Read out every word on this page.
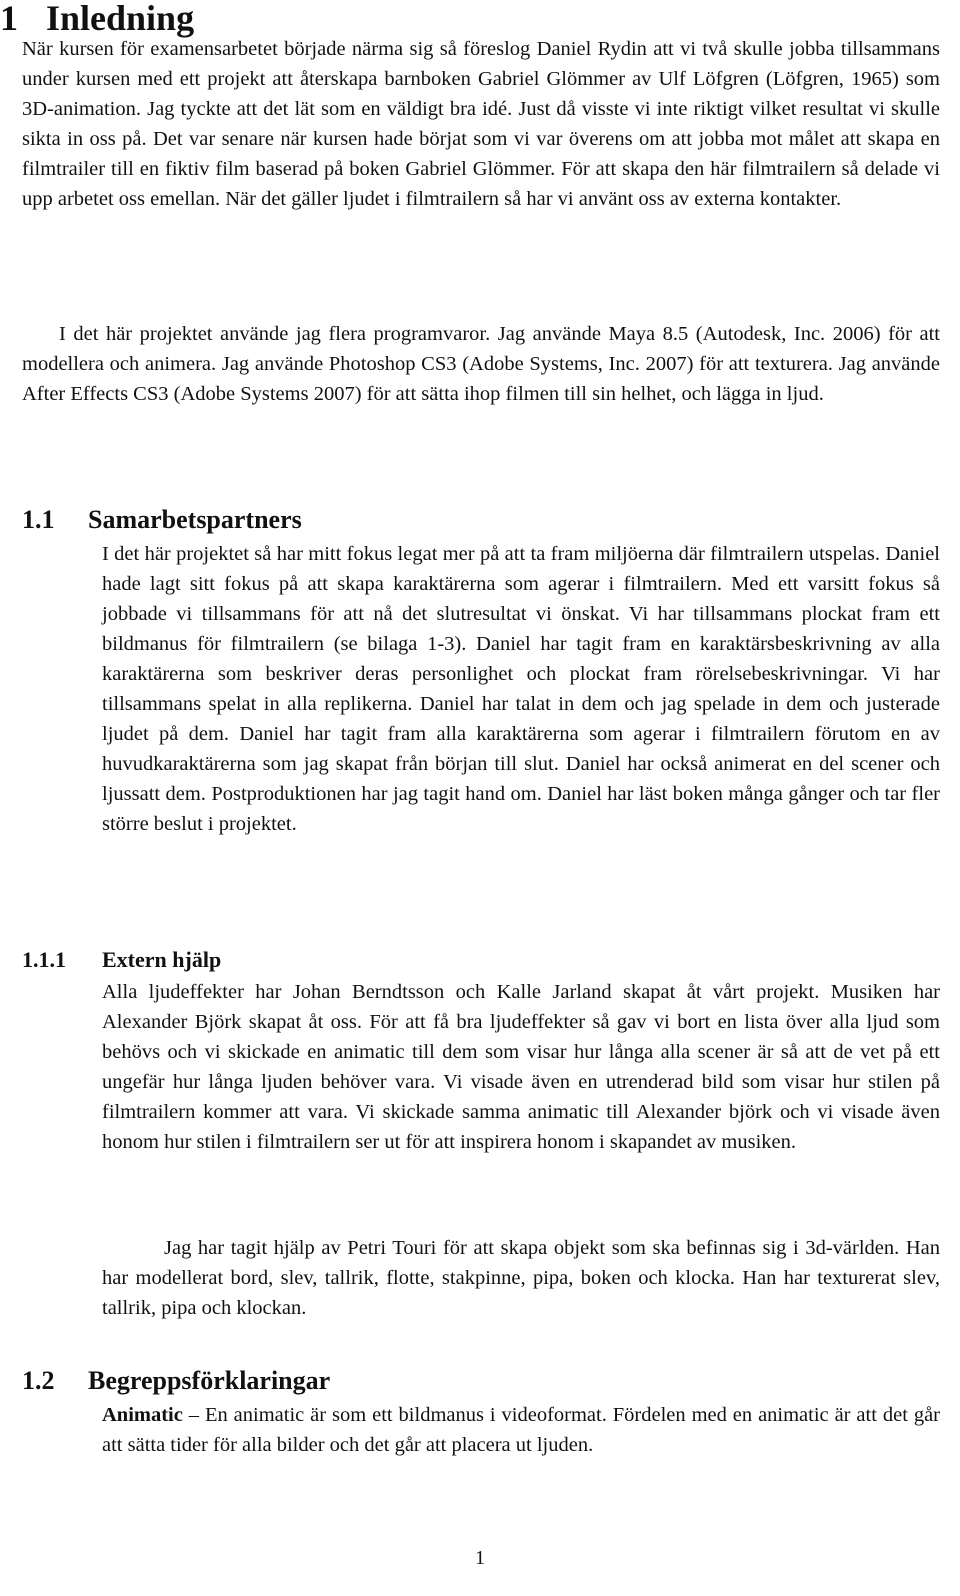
1 Inledning

När kursen för examensarbetet började närma sig så föreslog Daniel Rydin att vi två skulle jobba tillsammans under kursen med ett projekt att återskapa barnboken Gabriel Glömmer av Ulf Löfgren (Löfgren, 1965) som 3D-animation. Jag tyckte att det lät som en väldigt bra idé. Just då visste vi inte riktigt vilket resultat vi skulle sikta in oss på. Det var senare när kursen hade börjat som vi var överens om att jobba mot målet att skapa en filmtrailer till en fiktiv film baserad på boken Gabriel Glömmer. För att skapa den här filmtrailern så delade vi upp arbetet oss emellan. När det gäller ljudet i filmtrailern så har vi använt oss av externa kontakter.

I det här projektet använde jag flera programvaror. Jag använde Maya 8.5 (Autodesk, Inc. 2006) för att modellera och animera. Jag använde Photoshop CS3 (Adobe Systems, Inc. 2007) för att texturera. Jag använde After Effects CS3 (Adobe Systems 2007) för att sätta ihop filmen till sin helhet, och lägga in ljud.

1.1 Samarbetspartners

I det här projektet så har mitt fokus legat mer på att ta fram miljöerna där filmtrailern utspelas. Daniel hade lagt sitt fokus på att skapa karaktärerna som agerar i filmtrailern. Med ett varsitt fokus så jobbade vi tillsammans för att nå det slutresultat vi önskat. Vi har tillsammans plockat fram ett bildmanus för filmtrailern (se bilaga 1-3). Daniel har tagit fram en karaktärsbeskrivning av alla karaktärerna som beskriver deras personlighet och plockat fram rörelsebeskrivningar. Vi har tillsammans spelat in alla replikerna. Daniel har talat in dem och jag spelade in dem och justerade ljudet på dem. Daniel har tagit fram alla karaktärerna som agerar i filmtrailern förutom en av huvudkaraktärerna som jag skapat från början till slut. Daniel har också animerat en del scener och ljussatt dem. Postproduktionen har jag tagit hand om. Daniel har läst boken många gånger och tar fler större beslut i projektet.

1.1.1 Extern hjälp

Alla ljudeffekter har Johan Berndtsson och Kalle Jarland skapat åt vårt projekt. Musiken har Alexander Björk skapat åt oss. För att få bra ljudeffekter så gav vi bort en lista över alla ljud som behövs och vi skickade en animatic till dem som visar hur långa alla scener är så att de vet på ett ungefär hur långa ljuden behöver vara. Vi visade även en utrenderad bild som visar hur stilen på filmtrailern kommer att vara. Vi skickade samma animatic till Alexander björk och vi visade även honom hur stilen i filmtrailern ser ut för att inspirera honom i skapandet av musiken.

Jag har tagit hjälp av Petri Touri för att skapa objekt som ska befinnas sig i 3d-världen. Han har modellerat bord, slev, tallrik, flotte, stakpinne, pipa, boken och klocka. Han har texturerat slev, tallrik, pipa och klockan.

1.2 Begreppsförklaringar

Animatic – En animatic är som ett bildmanus i videoformat. Fördelen med en animatic är att det går att sätta tider för alla bilder och det går att placera ut ljuden.

1
